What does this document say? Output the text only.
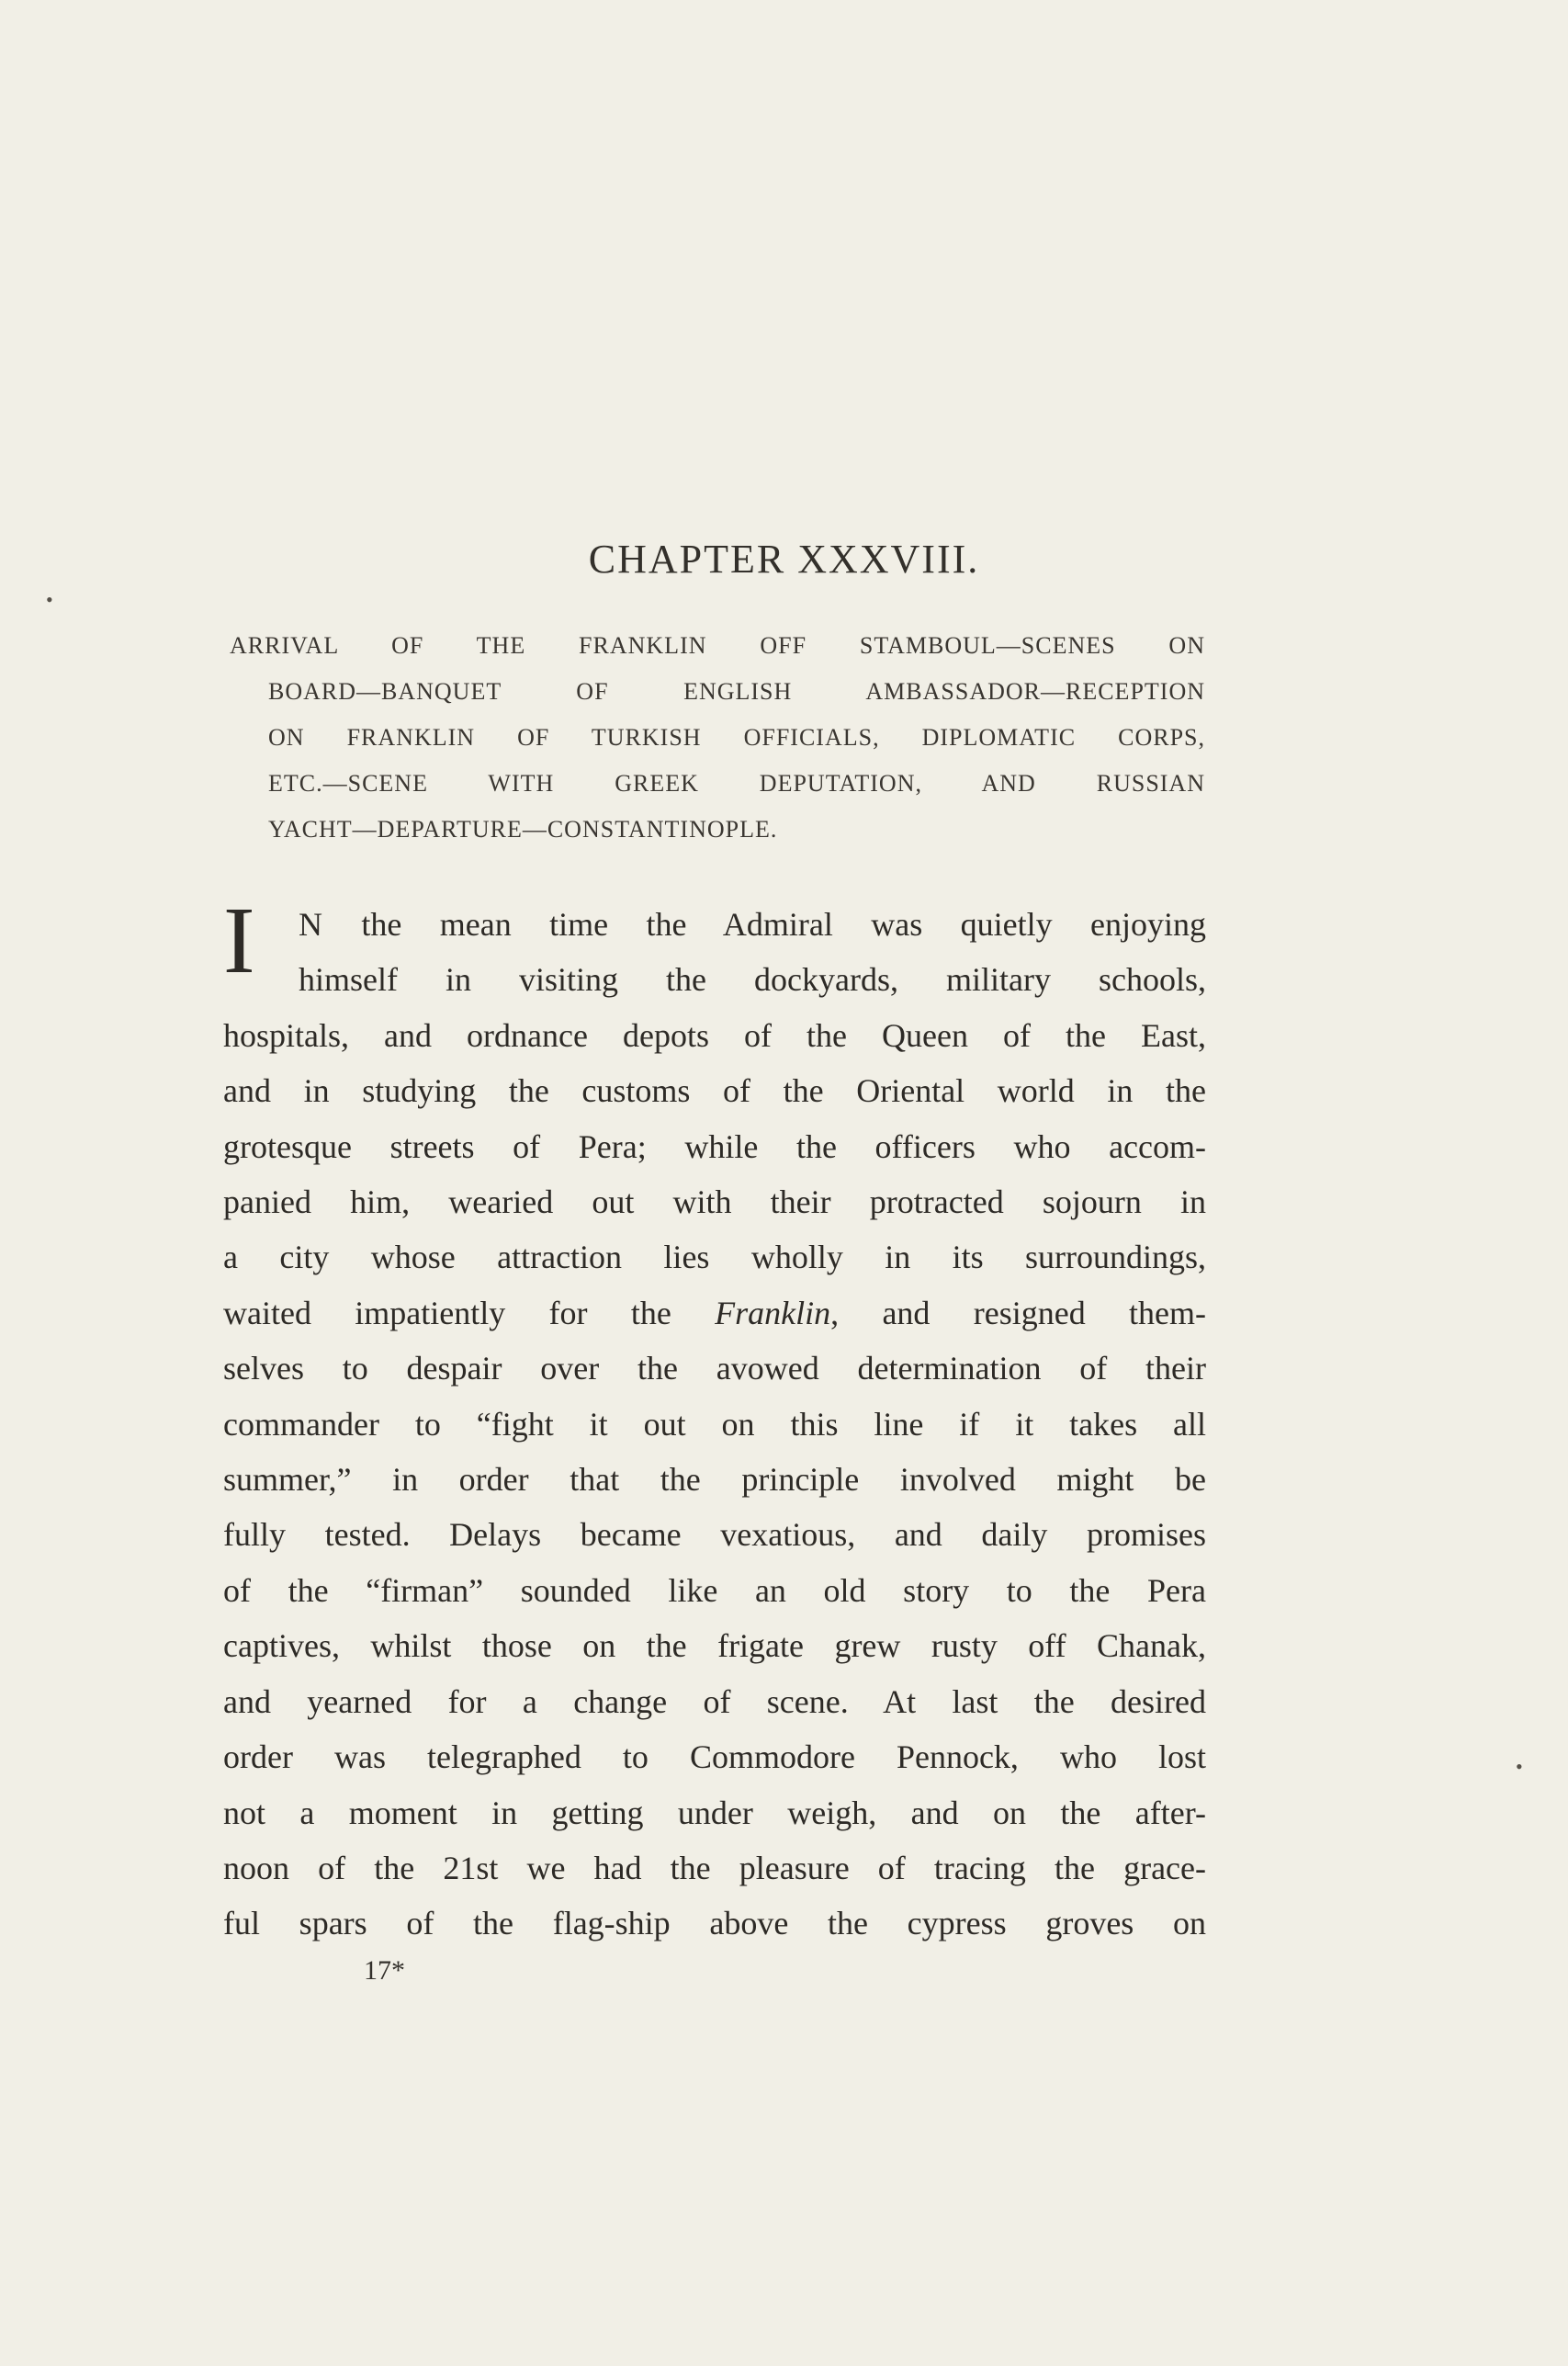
CHAPTER XXXVIII.
ARRIVAL OF THE FRANKLIN OFF STAMBOUL—SCENES ON
BOARD—BANQUET OF ENGLISH AMBASSADOR—RECEPTION
ON FRANKLIN OF TURKISH OFFICIALS, DIPLOMATIC CORPS,
ETC.—SCENE WITH GREEK DEPUTATION, AND RUSSIAN
YACHT—DEPARTURE—CONSTANTINOPLE.
I	N the mean time the Admiral was quietly enjoying
himself in visiting the dockyards, military schools,
hospitals, and ordnance depots of the Queen of the East,
and in studying the customs of the Oriental world in the
grotesque streets of Pera; while the officers who accom-
panied him, wearied out with their protracted sojourn in
a city whose attraction lies wholly in its surroundings,
waited impatiently for the Franklin, and resigned them-
selves to despair over the avowed determination of their
commander to “fight it out on this line if it takes all
summer,” in order that the principle involved might be
fully tested. Delays became vexatious, and daily promises
of the “firman” sounded like an old story to the Pera
captives, whilst those on the frigate grew rusty off Chanak,
and yearned for a change of scene. At last the desired
order was telegraphed to Commodore Pennock, who lost
not a moment in getting under weigh, and on the after-
noon of the 21st we had the pleasure of tracing the grace-
ful spars of the flag-ship above the cypress groves on
17*
•
•
